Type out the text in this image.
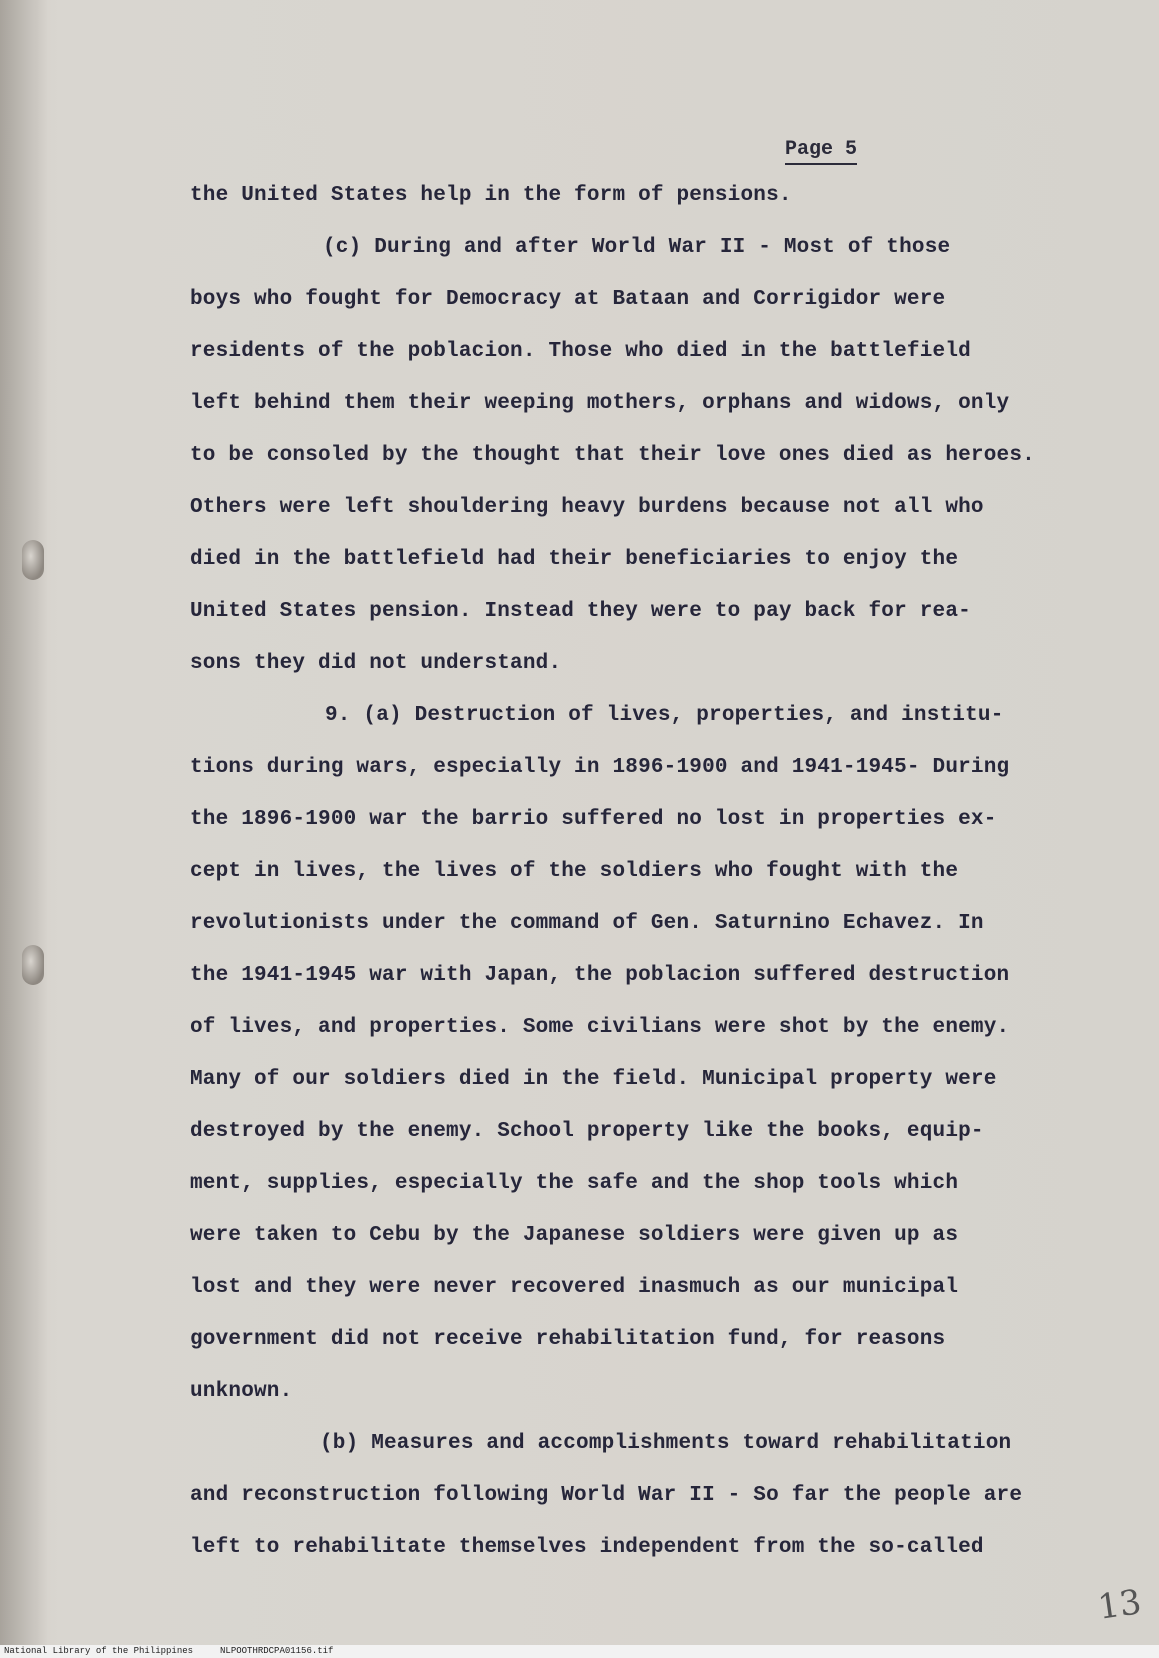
Page 5
the United States help in the form of pensions.
(c) During and after World War II - Most of those
boys who fought for Democracy at Bataan and Corrigidor were
residents of the poblacion. Those who died in the battlefield
left behind them their weeping mothers, orphans and widows, only
to be consoled by the thought that their love ones died as heroes.
Others were left shouldering heavy burdens because not all who
died in the battlefield had their beneficiaries to enjoy the
United States pension. Instead they were to pay back for rea-
sons they did not understand.
9. (a) Destruction of lives, properties, and institu-
tions during wars, especially in 1896-1900 and 1941-1945- During
the 1896-1900 war the barrio suffered no lost in properties ex-
cept in lives, the lives of the soldiers who fought with the
revolutionists under the command of Gen. Saturnino Echavez. In
the 1941-1945 war with Japan, the poblacion suffered destruction
of lives, and properties. Some civilians were shot by the enemy.
Many of our soldiers died in the field. Municipal property were
destroyed by the enemy. School property like the books, equip-
ment, supplies, especially the safe and the shop tools which
were taken to Cebu by the Japanese soldiers were given up as
lost and they were never recovered inasmuch as our municipal
government did not receive rehabilitation fund, for reasons
unknown.
(b) Measures and accomplishments toward rehabilitation
and reconstruction following World War II - So far the people are
left to rehabilitate themselves independent from the so-called
13
National Library of the Philippines     NLPOOTHRDCPA01156.tif
